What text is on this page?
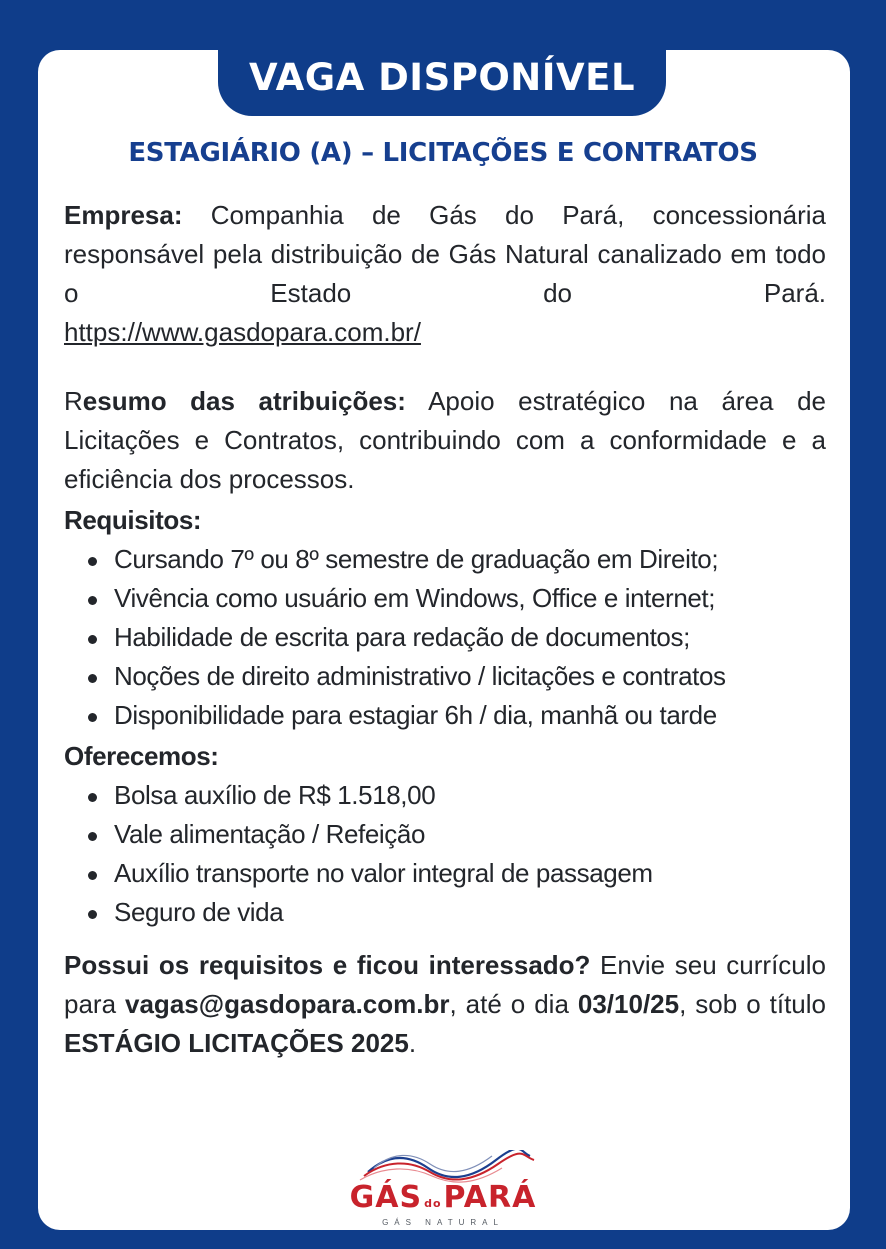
VAGA DISPONÍVEL
ESTAGIÁRIO (A) – LICITAÇÕES E CONTRATOS

Empresa: Companhia de Gás do Pará, concessionária responsável pela distribuição de Gás Natural canalizado em todo o Estado do Pará.

https://www.gasdopara.com.br/

Resumo das atribuições: Apoio estratégico na área de Licitações e Contratos, contribuindo com a conformidade e a eficiência dos processos.

Requisitos:

Cursando 7º ou 8º semestre de graduação em Direito;
Vivência como usuário em Windows, Office e internet;
Habilidade de escrita para redação de documentos;
Noções de direito administrativo / licitações e contratos
Disponibilidade para estagiar 6h / dia, manhã ou tarde

Oferecemos:

Bolsa auxílio de R$ 1.518,00
Vale alimentação / Refeição
Auxílio transporte no valor integral de passagem
Seguro de vida

Possui os requisitos e ficou interessado? Envie seu currículo para vagas@gasdopara.com.br, até o dia 03/10/25, sob o título ESTÁGIO LICITAÇÕES 2025.

GÁS doPARÁ
GÁS NATURAL
